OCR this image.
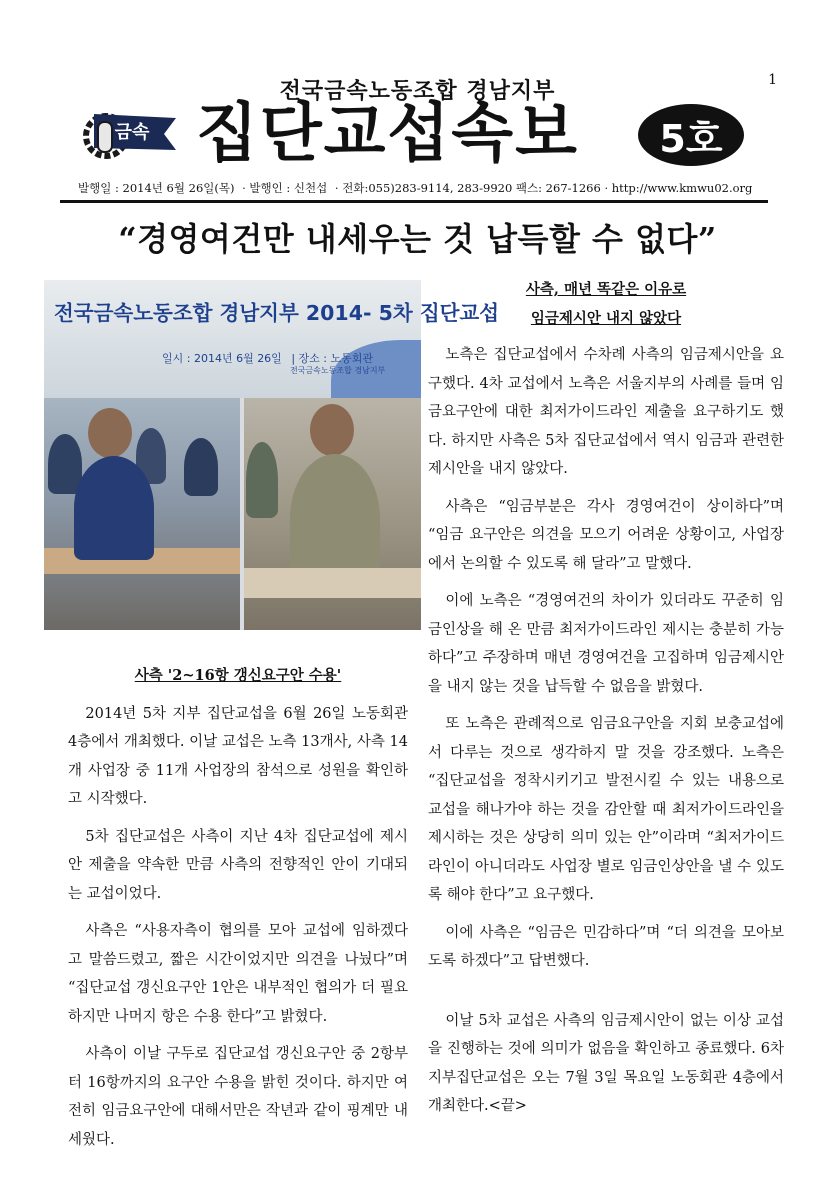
1
전국금속노동조합 경남지부
금속 집단교섭속보	5호
발행일 : 2014년 6월 26일(목) · 발행인 : 신천섭 · 전화:055)283-9114, 283-9920 팩스: 267-1266 · http://www.kmwu02.org
“경영여건만 내세우는 것 납득할 수 없다”
전국금속노동조합 경남지부 2014- 5차 집단교섭
일시 : 2014년 6월 26일 | 장소 : 노동회관
전국금속노동조합 경남지부

사측 '2~16항 갱신요구안 수용'

2014년 5차 지부 집단교섭을 6월 26일 노동회관 4층에서 개최했다. 이날 교섭은 노측 13개사, 사측 14개 사업장 중 11개 사업장의 참석으로 성원을 확인하고 시작했다.

5차 집단교섭은 사측이 지난 4차 집단교섭에 제시안 제출을 약속한 만큼 사측의 전향적인 안이 기대되는 교섭이었다.

사측은 “사용자측이 협의를 모아 교섭에 임하겠다고 말씀드렸고, 짧은 시간이었지만 의견을 나눴다”며 “집단교섭 갱신요구안 1안은 내부적인 협의가 더 필요하지만 나머지 항은 수용 한다”고 밝혔다.

사측이 이날 구두로 집단교섭 갱신요구안 중 2항부터 16항까지의 요구안 수용을 밝힌 것이다. 하지만 여전히 임금요구안에 대해서만은 작년과 같이 핑계만 내세웠다.

사측, 매년 똑같은 이유로

임금제시안 내지 않았다

노측은 집단교섭에서 수차례 사측의 임금제시안을 요구했다. 4차 교섭에서 노측은 서울지부의 사례를 들며 임금요구안에 대한 최저가이드라인 제출을 요구하기도 했다. 하지만 사측은 5차 집단교섭에서 역시 임금과 관련한 제시안을 내지 않았다.

사측은 “임금부분은 각사 경영여건이 상이하다”며 “임금 요구안은 의견을 모으기 어려운 상황이고, 사업장에서 논의할 수 있도록 해 달라”고 말했다.

이에 노측은 “경영여건의 차이가 있더라도 꾸준히 임금인상을 해 온 만큼 최저가이드라인 제시는 충분히 가능하다”고 주장하며 매년 경영여건을 고집하며 임금제시안을 내지 않는 것을 납득할 수 없음을 밝혔다.

또 노측은 관례적으로 임금요구안을 지회 보충교섭에서 다루는 것으로 생각하지 말 것을 강조했다. 노측은 “집단교섭을 정착시키기고 발전시킬 수 있는 내용으로 교섭을 해나가야 하는 것을 감안할 때 최저가이드라인을 제시하는 것은 상당히 의미 있는 안”이라며 “최저가이드라인이 아니더라도 사업장 별로 임금인상안을 낼 수 있도록 해야 한다”고 요구했다.

이에 사측은 “임금은 민감하다”며 “더 의견을 모아보도록 하겠다”고 답변했다.

이날 5차 교섭은 사측의 임금제시안이 없는 이상 교섭을 진행하는 것에 의미가 없음을 확인하고 종료했다. 6차 지부집단교섭은 오는 7월 3일 목요일 노동회관 4층에서 개최한다.<끝>
